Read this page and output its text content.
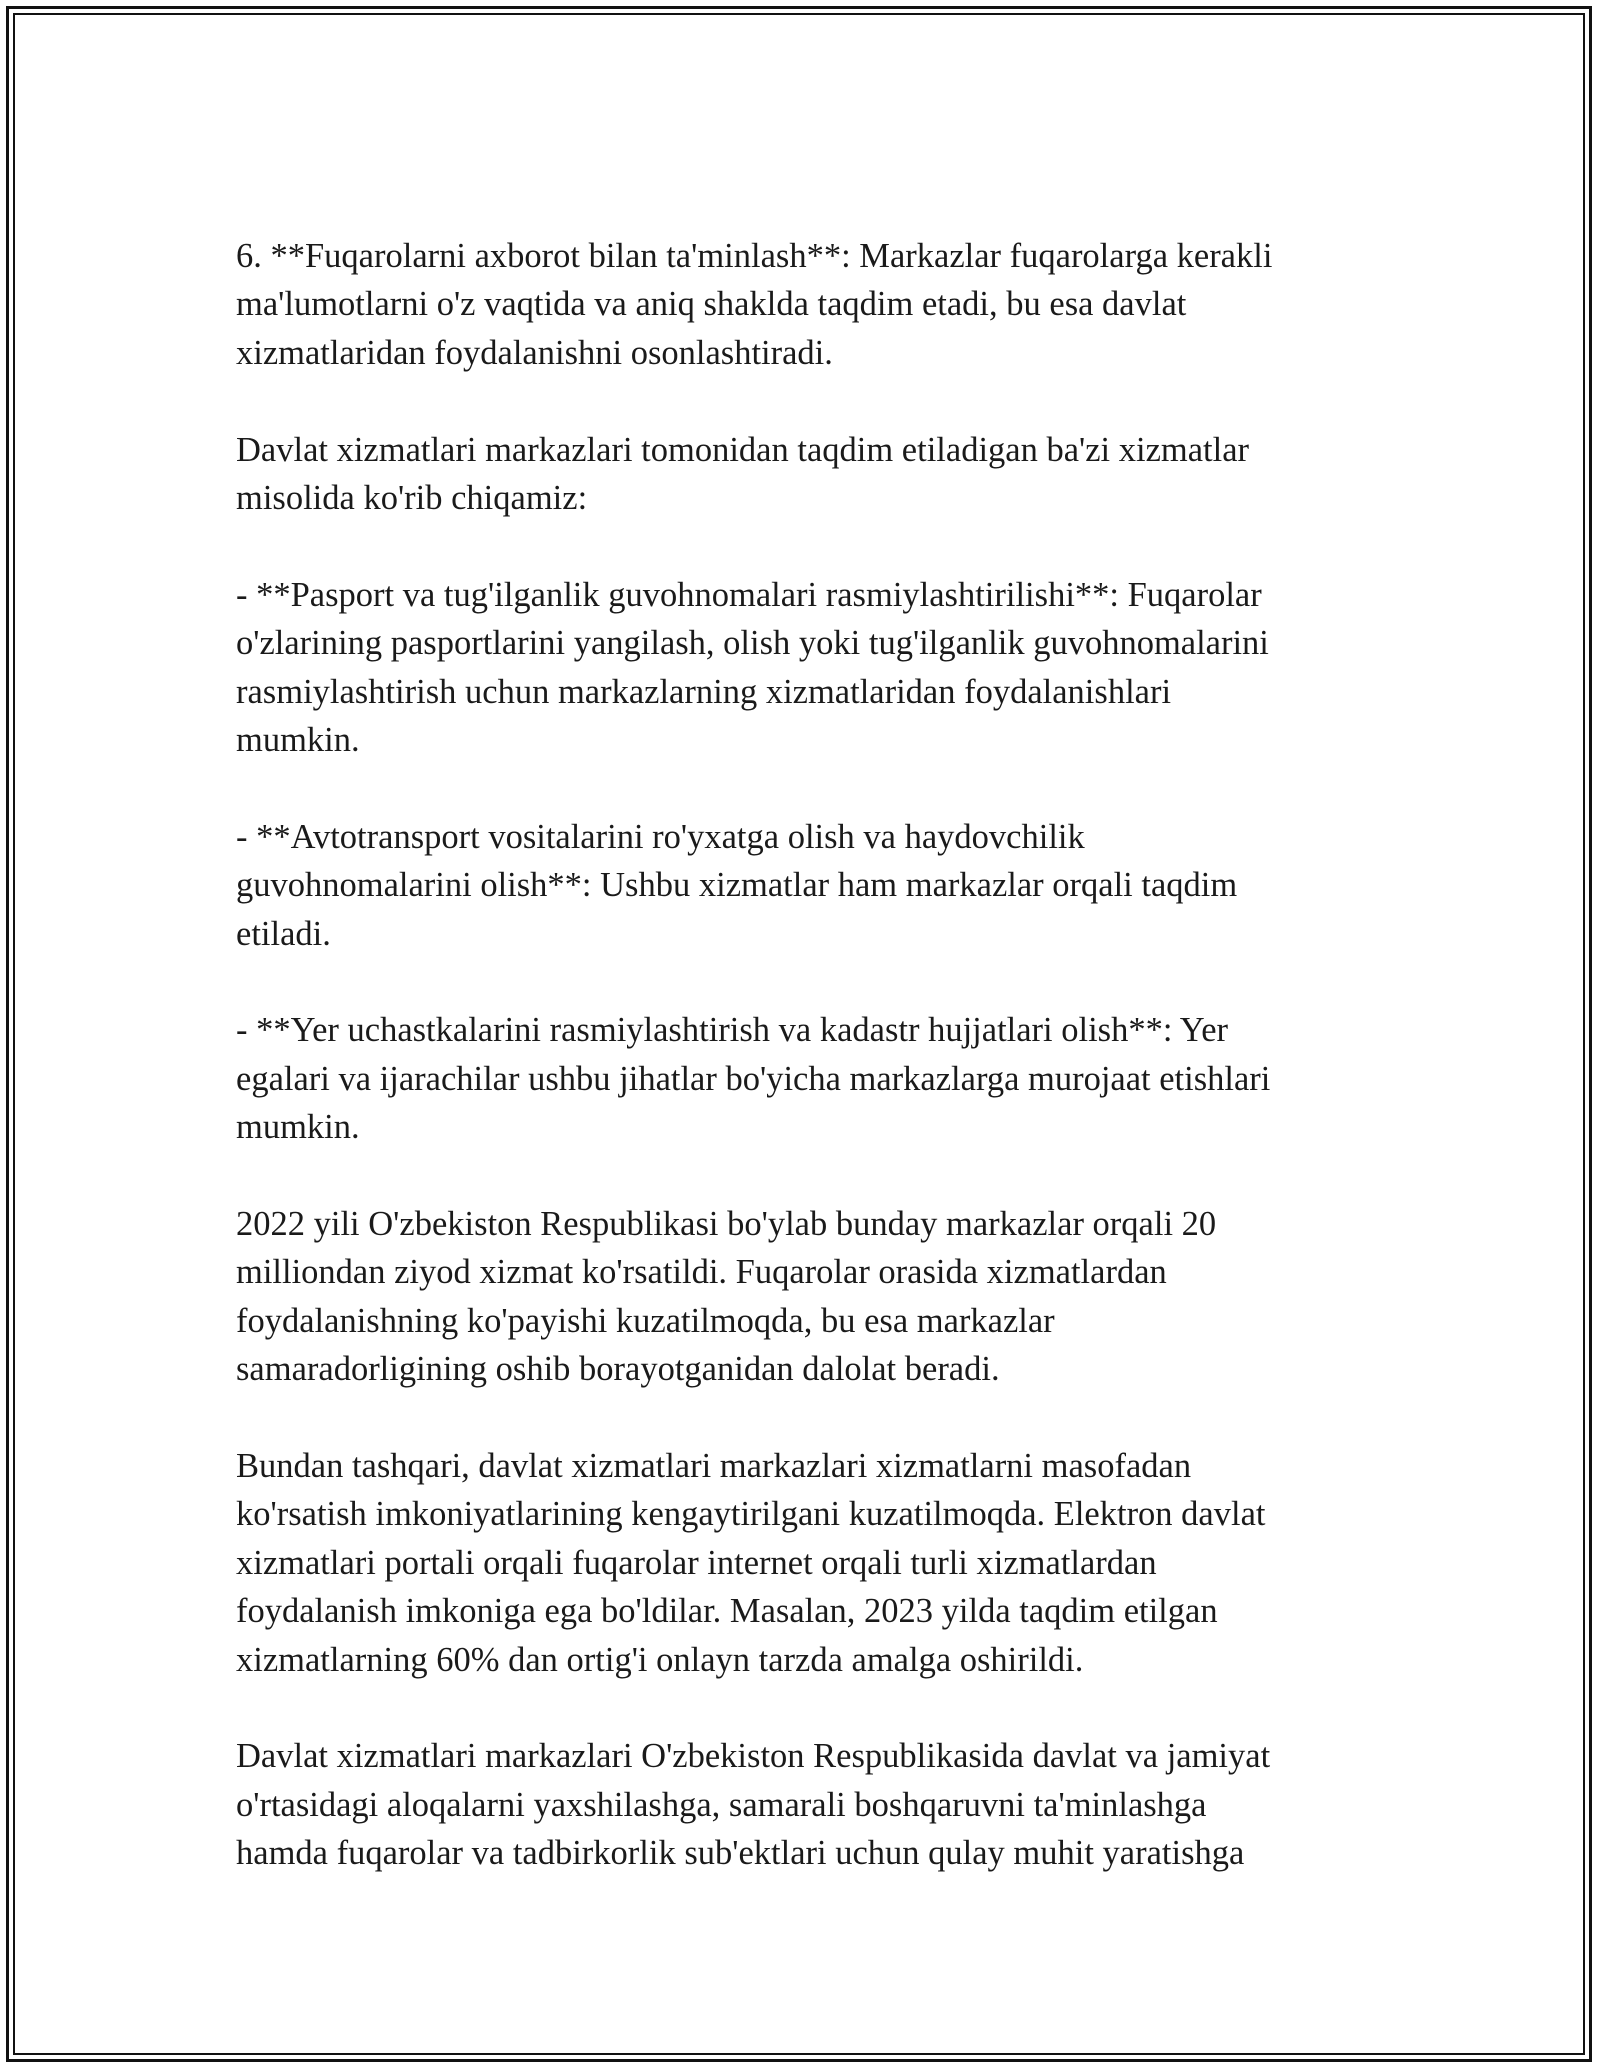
6. **Fuqarolarni axborot bilan ta'minlash**: Markazlar fuqarolarga kerakli
ma'lumotlarni o'z vaqtida va aniq shaklda taqdim etadi, bu esa davlat
xizmatlaridan foydalanishni osonlashtiradi.

Davlat xizmatlari markazlari tomonidan taqdim etiladigan ba'zi xizmatlar
misolida ko'rib chiqamiz:

- **Pasport va tug'ilganlik guvohnomalari rasmiylashtirilishi**: Fuqarolar
o'zlarining pasportlarini yangilash, olish yoki tug'ilganlik guvohnomalarini
rasmiylashtirish uchun markazlarning xizmatlaridan foydalanishlari
mumkin.

- **Avtotransport vositalarini ro'yxatga olish va haydovchilik
guvohnomalarini olish**: Ushbu xizmatlar ham markazlar orqali taqdim
etiladi.

- **Yer uchastkalarini rasmiylashtirish va kadastr hujjatlari olish**: Yer
egalari va ijarachilar ushbu jihatlar bo'yicha markazlarga murojaat etishlari
mumkin.

2022 yili O'zbekiston Respublikasi bo'ylab bunday markazlar orqali 20
milliondan ziyod xizmat ko'rsatildi. Fuqarolar orasida xizmatlardan
foydalanishning ko'payishi kuzatilmoqda, bu esa markazlar
samaradorligining oshib borayotganidan dalolat beradi.

Bundan tashqari, davlat xizmatlari markazlari xizmatlarni masofadan
ko'rsatish imkoniyatlarining kengaytirilgani kuzatilmoqda. Elektron davlat
xizmatlari portali orqali fuqarolar internet orqali turli xizmatlardan
foydalanish imkoniga ega bo'ldilar. Masalan, 2023 yilda taqdim etilgan
xizmatlarning 60% dan ortig'i onlayn tarzda amalga oshirildi.

Davlat xizmatlari markazlari O'zbekiston Respublikasida davlat va jamiyat
o'rtasidagi aloqalarni yaxshilashga, samarali boshqaruvni ta'minlashga
hamda fuqarolar va tadbirkorlik sub'ektlari uchun qulay muhit yaratishga
